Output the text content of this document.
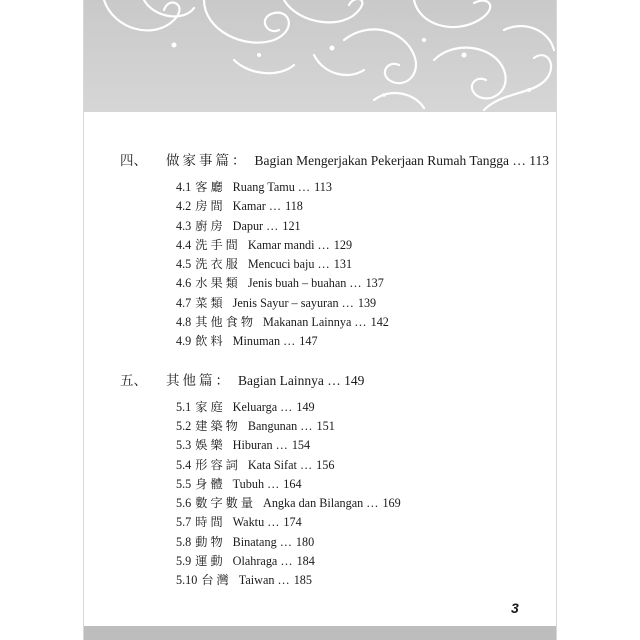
四、 做家事篇： Bagian Mengerjakan Pekerjaan Rumah Tangga … 113
4.1 客廳 Ruang Tamu … 113
4.2 房間 Kamar … 118
4.3 廚房 Dapur … 121
4.4 洗手間 Kamar mandi … 129
4.5 洗衣服 Mencuci baju … 131
4.6 水果類 Jenis buah – buahan … 137
4.7 菜類 Jenis Sayur – sayuran … 139
4.8 其他食物 Makanan Lainnya … 142
4.9 飲料 Minuman … 147
五、 其他篇： Bagian Lainnya … 149
5.1 家庭 Keluarga … 149
5.2 建築物 Bangunan … 151
5.3 娛樂 Hiburan … 154
5.4 形容詞 Kata Sifat … 156
5.5 身體 Tubuh … 164
5.6 數字數量 Angka dan Bilangan … 169
5.7 時間 Waktu … 174
5.8 動物 Binatang … 180
5.9 運動 Olahraga … 184
5.10 台灣 Taiwan … 185
3
